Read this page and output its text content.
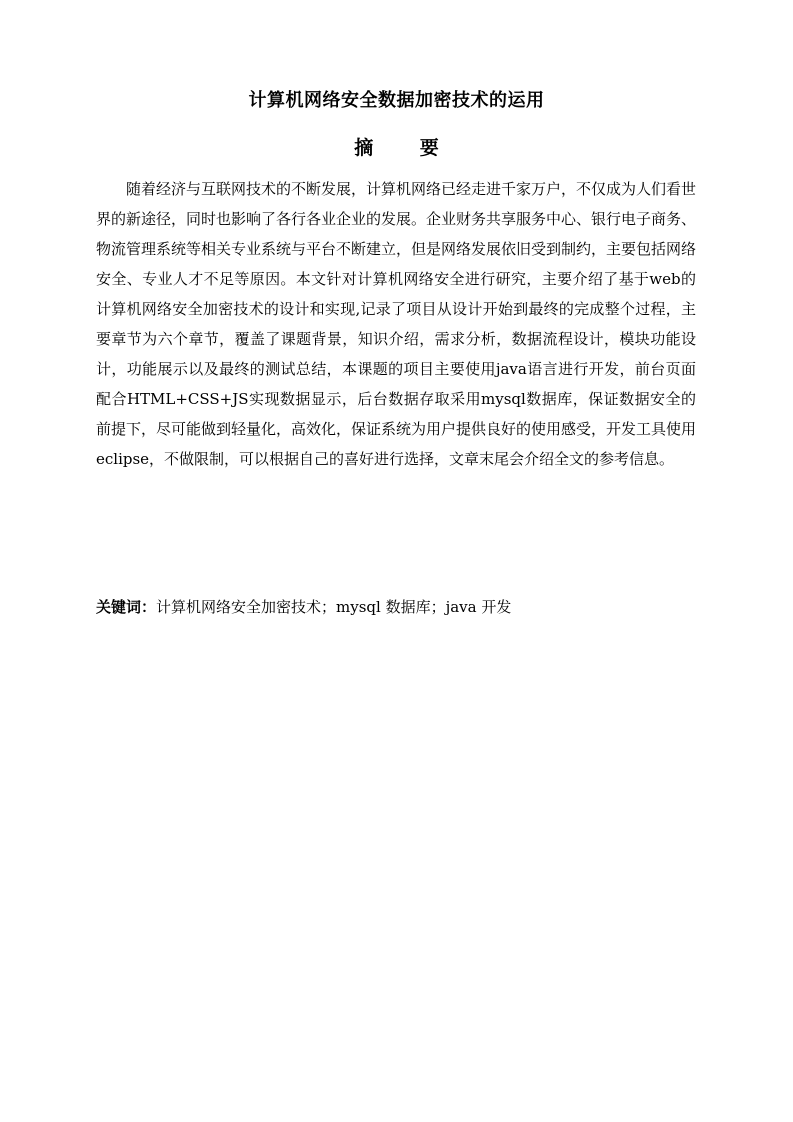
计算机网络安全数据加密技术的运用
摘 要

随着经济与互联网技术的不断发展，计算机网络已经走进千家万户，不仅成为人们看世界的新途径，同时也影响了各行各业企业的发展。企业财务共享服务中心、银行电子商务、物流管理系统等相关专业系统与平台不断建立，但是网络发展依旧受到制约，主要包括网络安全、专业人才不足等原因。本文针对计算机网络安全进行研究，主要介绍了基于web的计算机网络安全加密技术的设计和实现,记录了项目从设计开始到最终的完成整个过程，主要章节为六个章节，覆盖了课题背景，知识介绍，需求分析，数据流程设计，模块功能设计，功能展示以及最终的测试总结，本课题的项目主要使用java语言进行开发，前台页面配合HTML+CSS+JS实现数据显示，后台数据存取采用mysql数据库，保证数据安全的前提下，尽可能做到轻量化，高效化，保证系统为用户提供良好的使用感受，开发工具使用eclipse，不做限制，可以根据自己的喜好进行选择，文章末尾会介绍全文的参考信息。

关键词：计算机网络安全加密技术；mysql 数据库；java 开发
